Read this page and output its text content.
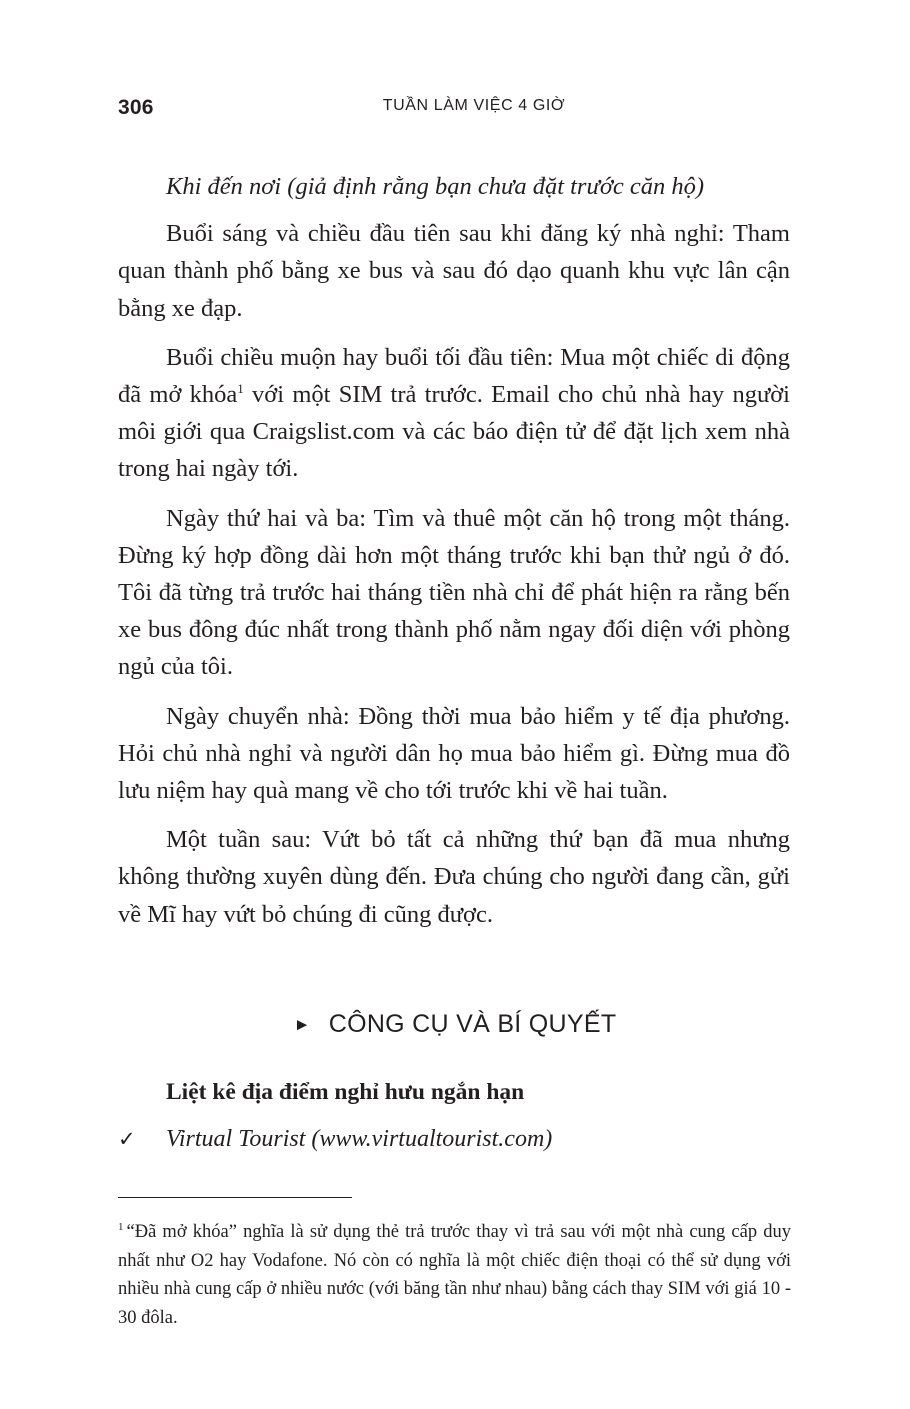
306	TUẦN LÀM VIỆC 4 GIỜ

Khi đến nơi (giả định rằng bạn chưa đặt trước căn hộ)

Buổi sáng và chiều đầu tiên sau khi đăng ký nhà nghỉ: Tham quan thành phố bằng xe bus và sau đó dạo quanh khu vực lân cận bằng xe đạp.

Buổi chiều muộn hay buổi tối đầu tiên: Mua một chiếc di động đã mở khóa$^1$ với một SIM trả trước. Email cho chủ nhà hay người môi giới qua Craigslist.com và các báo điện tử để đặt lịch xem nhà trong hai ngày tới.

Ngày thứ hai và ba: Tìm và thuê một căn hộ trong một tháng. Đừng ký hợp đồng dài hơn một tháng trước khi bạn thử ngủ ở đó. Tôi đã từng trả trước hai tháng tiền nhà chỉ để phát hiện ra rằng bến xe bus đông đúc nhất trong thành phố nằm ngay đối diện với phòng ngủ của tôi.

Ngày chuyển nhà: Đồng thời mua bảo hiểm y tế địa phương. Hỏi chủ nhà nghỉ và người dân họ mua bảo hiểm gì. Đừng mua đồ lưu niệm hay quà mang về cho tới trước khi về hai tuần.

Một tuần sau: Vứt bỏ tất cả những thứ bạn đã mua nhưng không thường xuyên dùng đến. Đưa chúng cho người đang cần, gửi về Mĩ hay vứt bỏ chúng đi cũng được.

► CÔNG CỤ VÀ BÍ QUYẾT
Liệt kê địa điểm nghỉ hưu ngắn hạn
✓ Virtual Tourist (www.virtualtourist.com)
$^1$ “Đã mở khóa” nghĩa là sử dụng thẻ trả trước thay vì trả sau với một nhà cung cấp duy nhất như O2 hay Vodafone. Nó còn có nghĩa là một chiếc điện thoại có thể sử dụng với nhiều nhà cung cấp ở nhiều nước (với băng tần như nhau) bằng cách thay SIM với giá 10 - 30 đôla.
